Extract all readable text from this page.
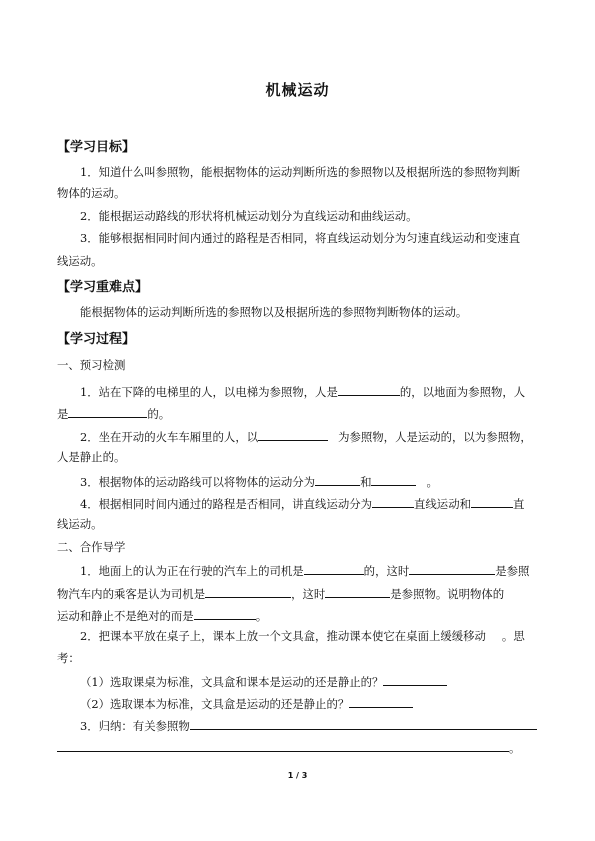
机械运动
【学习目标】
1．知道什么叫参照物，能根据物体的运动判断所选的参照物以及根据所选的参照物判断
物体的运动。
2．能根据运动路线的形状将机械运动划分为直线运动和曲线运动。
3．能够根据相同时间内通过的路程是否相同，将直线运动划分为匀速直线运动和变速直
线运动。
【学习重难点】
能根据物体的运动判断所选的参照物以及根据所选的参照物判断物体的运动。
【学习过程】
一、预习检测
1．站在下降的电梯里的人，以电梯为参照物，人是	的，以地面为参照物，人
是	的。
2．坐在开动的火车车厢里的人，以	为参照物，人是运动的，以为参照物，
人是静止的。
3．根据物体的运动路线可以将物体的运动分为	和	。
4．根据相同时间内通过的路程是否相同，讲直线运动分为	直线运动和	直
线运动。
二、合作导学
1．地面上的认为正在行驶的汽车上的司机是	的，这时	是参照
物汽车内的乘客是认为司机是	，这时	是参照物。说明物体的
运动和静止不是绝对的而是	。
2．把课本平放在桌子上，课本上放一个文具盒，推动课本使它在桌面上缓缓移动 。思
考：
（1）选取课桌为标准，文具盒和课本是运动的还是静止的？
（2）选取课本为标准，文具盒是运动的还是静止的？
3．归纳：有关参照物
。
1 / 3
